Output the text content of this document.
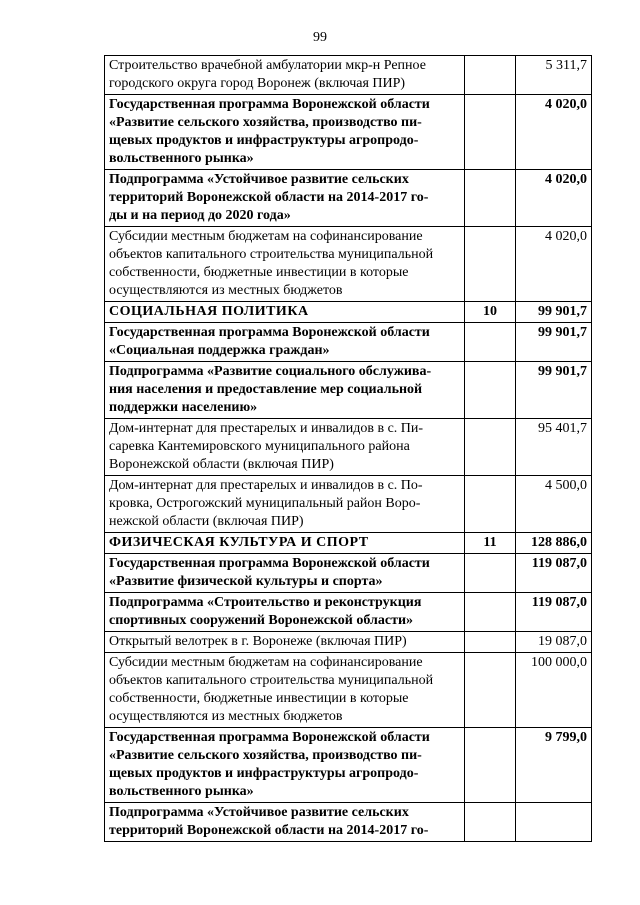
99
Строительство врачебной амбулатории мкр-н Репное
городского округа город Воронеж (включая ПИР)		5 311,7

Государственная программа Воронежской области
«Развитие сельского хозяйства, производство пи-
щевых продуктов и инфраструктуры агропродо-
вольственного рынка»		4 020,0

Подпрограмма «Устойчивое развитие сельских
территорий Воронежской области на 2014-2017 го-
ды и на период до 2020 года»		4 020,0

Субсидии местным бюджетам на софинансирование
объектов капитального строительства муниципальной
собственности, бюджетные инвестиции в которые
осуществляются из местных бюджетов		4 020,0

СОЦИАЛЬНАЯ ПОЛИТИКА	10	99 901,7

Государственная программа Воронежской области
«Социальная поддержка граждан»		99 901,7

Подпрограмма «Развитие социального обслужива-
ния населения и предоставление мер социальной
поддержки населению»		99 901,7

Дом-интернат для престарелых и инвалидов в с. Пи-
саревка Кантемировского муниципального района
Воронежской области (включая ПИР)		95 401,7

Дом-интернат для престарелых и инвалидов в с. По-
кровка, Острогожский муниципальный район Воро-
нежской области (включая ПИР)		4 500,0

ФИЗИЧЕСКАЯ КУЛЬТУРА И СПОРТ	11	128 886,0

Государственная программа Воронежской области
«Развитие физической культуры и спорта»		119 087,0

Подпрограмма «Строительство и реконструкция
спортивных сооружений Воронежской области»		119 087,0

Открытый велотрек в г. Воронеже (включая ПИР)		19 087,0

Субсидии местным бюджетам на софинансирование
объектов капитального строительства муниципальной
собственности, бюджетные инвестиции в которые
осуществляются из местных бюджетов		100 000,0

Государственная программа Воронежской области
«Развитие сельского хозяйства, производство пи-
щевых продуктов и инфраструктуры агропродо-
вольственного рынка»		9 799,0

Подпрограмма «Устойчивое развитие сельских
территорий Воронежской области на 2014-2017 го-		
